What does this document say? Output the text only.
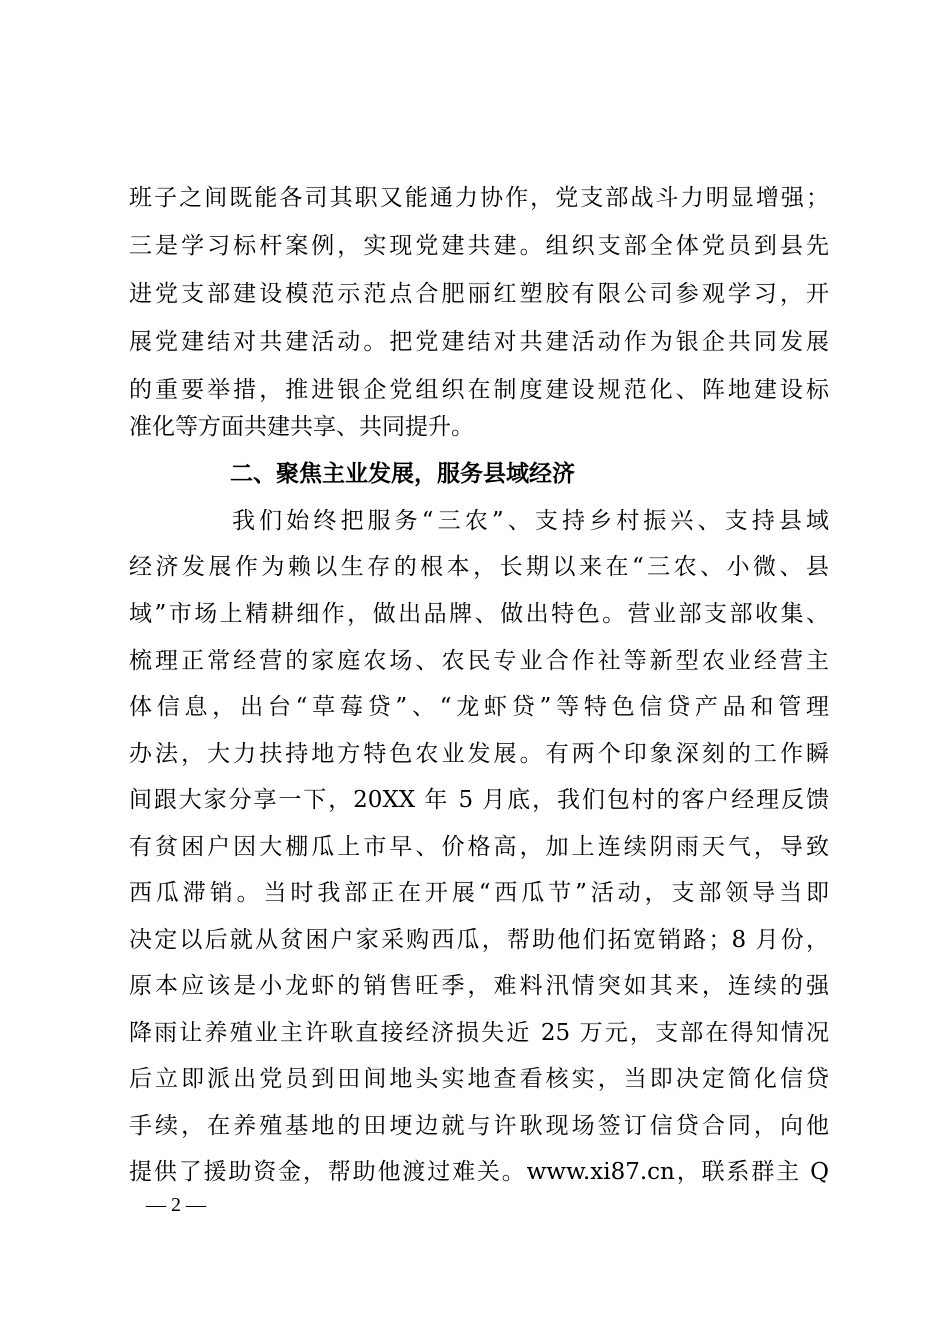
班子之间既能各司其职又能通力协作，党支部战斗力明显增强；
三是学习标杆案例，实现党建共建。组织支部全体党员到县先
进党支部建设模范示范点合肥丽红塑胶有限公司参观学习，开
展党建结对共建活动。把党建结对共建活动作为银企共同发展
的重要举措，推进银企党组织在制度建设规范化、阵地建设标
准化等方面共建共享、共同提升。
二、聚焦主业发展，服务县域经济
我们始终把服务“三农”、支持乡村振兴、支持县域
经济发展作为赖以生存的根本，长期以来在“三农、小微、县
域”市场上精耕细作，做出品牌、做出特色。营业部支部收集、
梳理正常经营的家庭农场、农民专业合作社等新型农业经营主
体信息，出台“草莓贷”、“龙虾贷”等特色信贷产品和管理
办法，大力扶持地方特色农业发展。有两个印象深刻的工作瞬
间跟大家分享一下，20XX 年 5 月底，我们包村的客户经理反馈
有贫困户因大棚瓜上市早、价格高，加上连续阴雨天气，导致
西瓜滞销。当时我部正在开展“西瓜节”活动，支部领导当即
决定以后就从贫困户家采购西瓜，帮助他们拓宽销路；8 月份，
原本应该是小龙虾的销售旺季，难料汛情突如其来，连续的强
降雨让养殖业主许耿直接经济损失近 25 万元，支部在得知情况
后立即派出党员到田间地头实地查看核实，当即决定简化信贷
手续，在养殖基地的田埂边就与许耿现场签订信贷合同，向他
提供了援助资金，帮助他渡过难关。www.xi87.cn，联系群主 Q
— 2 —
